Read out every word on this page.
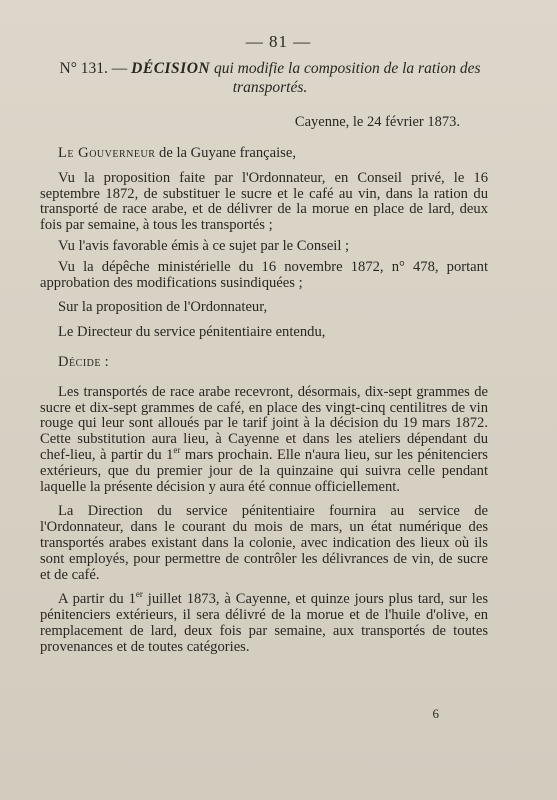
— 81 —
N° 131. — DÉCISION qui modifie la composition de la ration des transportés.
Cayenne, le 24 février 1873.

Le Gouverneur de la Guyane française,

Vu la proposition faite par l'Ordonnateur, en Conseil privé, le 16 septembre 1872, de substituer le sucre et le café au vin, dans la ration du transporté de race arabe, et de délivrer de la morue en place de lard, deux fois par semaine, à tous les transportés ;

Vu l'avis favorable émis à ce sujet par le Conseil ;

Vu la dépêche ministérielle du 16 novembre 1872, n° 478, portant approbation des modifications susindiquées ;

Sur la proposition de l'Ordonnateur,

Le Directeur du service pénitentiaire entendu,

Décide :

Les transportés de race arabe recevront, désormais, dix-sept grammes de sucre et dix-sept grammes de café, en place des vingt-cinq centilitres de vin rouge qui leur sont alloués par le tarif joint à la décision du 19 mars 1872. Cette substitution aura lieu, à Cayenne et dans les ateliers dépendant du chef-lieu, à partir du 1er mars prochain. Elle n'aura lieu, sur les pénitenciers extérieurs, que du premier jour de la quinzaine qui suivra celle pendant laquelle la présente décision y aura été connue officiellement.

La Direction du service pénitentiaire fournira au service de l'Ordonnateur, dans le courant du mois de mars, un état numérique des transportés arabes existant dans la colonie, avec indication des lieux où ils sont employés, pour permettre de contrôler les délivrances de vin, de sucre et de café.

A partir du 1er juillet 1873, à Cayenne, et quinze jours plus tard, sur les pénitenciers extérieurs, il sera délivré de la morue et de l'huile d'olive, en remplacement de lard, deux fois par semaine, aux transportés de toutes provenances et de toutes catégories.

6
